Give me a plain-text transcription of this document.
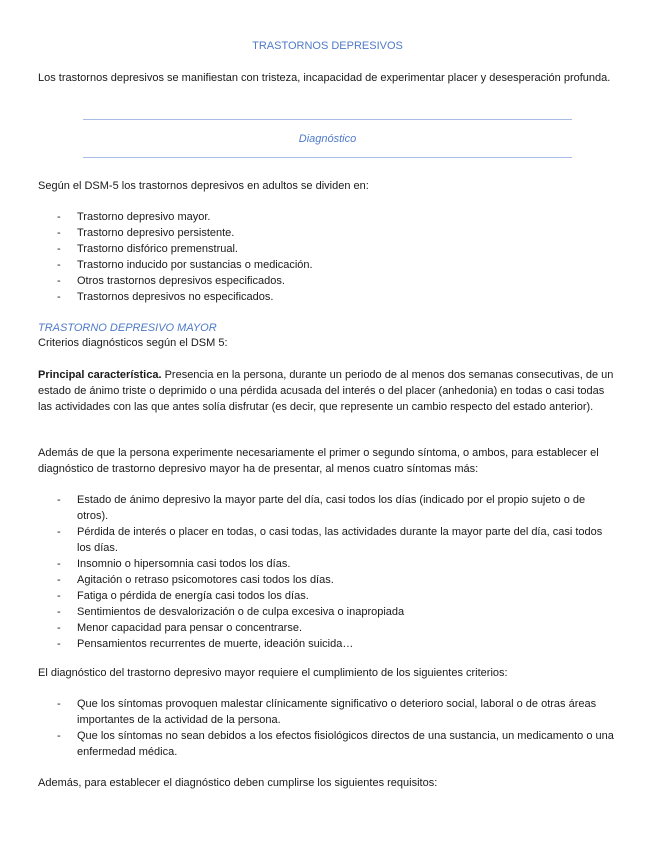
TRASTORNOS DEPRESIVOS

Los trastornos depresivos se manifiestan con tristeza, incapacidad de experimentar placer y desesperación profunda.

Diagnóstico

Según el DSM-5 los trastornos depresivos en adultos se dividen en:

- Trastorno depresivo mayor.
- Trastorno depresivo persistente.
- Trastorno disfórico premenstrual.
- Trastorno inducido por sustancias o medicación.
- Otros trastornos depresivos especificados.
- Trastornos depresivos no especificados.
TRASTORNO DEPRESIVO MAYOR

Criterios diagnósticos según el DSM 5:

Principal característica. Presencia en la persona, durante un periodo de al menos dos semanas consecutivas, de un estado de ánimo triste o deprimido o una pérdida acusada del interés o del placer (anhedonia) en todas o casi todas las actividades con las que antes solía disfrutar (es decir, que represente un cambio respecto del estado anterior).

Además de que la persona experimente necesariamente el primer o segundo síntoma, o ambos, para establecer el diagnóstico de trastorno depresivo mayor ha de presentar, al menos cuatro síntomas más:

- Estado de ánimo depresivo la mayor parte del día, casi todos los días (indicado por el propio sujeto o de otros).
- Pérdida de interés o placer en todas, o casi todas, las actividades durante la mayor parte del día, casi todos los días.
- Insomnio o hipersomnia casi todos los días.
- Agitación o retraso psicomotores casi todos los días.
- Fatiga o pérdida de energía casi todos los días.
- Sentimientos de desvalorización o de culpa excesiva o inapropiada
- Menor capacidad para pensar o concentrarse.
- Pensamientos recurrentes de muerte, ideación suicida…

El diagnóstico del trastorno depresivo mayor requiere el cumplimiento de los siguientes criterios:

- Que los síntomas provoquen malestar clínicamente significativo o deterioro social, laboral o de otras áreas importantes de la actividad de la persona.
- Que los síntomas no sean debidos a los efectos fisiológicos directos de una sustancia, un medicamento o una enfermedad médica.

Además, para establecer el diagnóstico deben cumplirse los siguientes requisitos:
